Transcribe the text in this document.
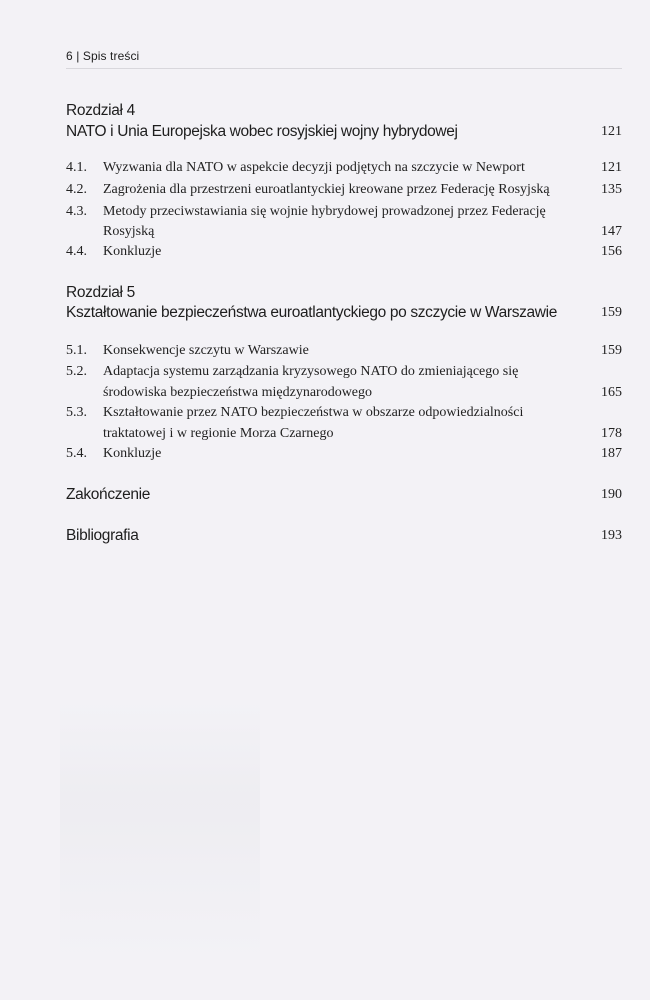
6 | Spis treści
Rozdział 4
NATO i Unia Europejska wobec rosyjskiej wojny hybrydowej	121
4.1. Wyzwania dla NATO w aspekcie decyzji podjętych na szczycie w Newport	121
4.2. Zagrożenia dla przestrzeni euroatlantyckiej kreowane przez Federację Rosyjską	135
4.3. Metody przeciwstawiania się wojnie hybrydowej prowadzonej przez Federację
Rosyjską	147
4.4. Konkluzje	156
Rozdział 5
Kształtowanie bezpieczeństwa euroatlantyckiego po szczycie w Warszawie	159
5.1. Konsekwencje szczytu w Warszawie	159
5.2. Adaptacja systemu zarządzania kryzysowego NATO do zmieniającego się
środowiska bezpieczeństwa międzynarodowego	165
5.3. Kształtowanie przez NATO bezpieczeństwa w obszarze odpowiedzialności
traktatowej i w regionie Morza Czarnego	178
5.4. Konkluzje	187
Zakończenie	190
Bibliografia	193
